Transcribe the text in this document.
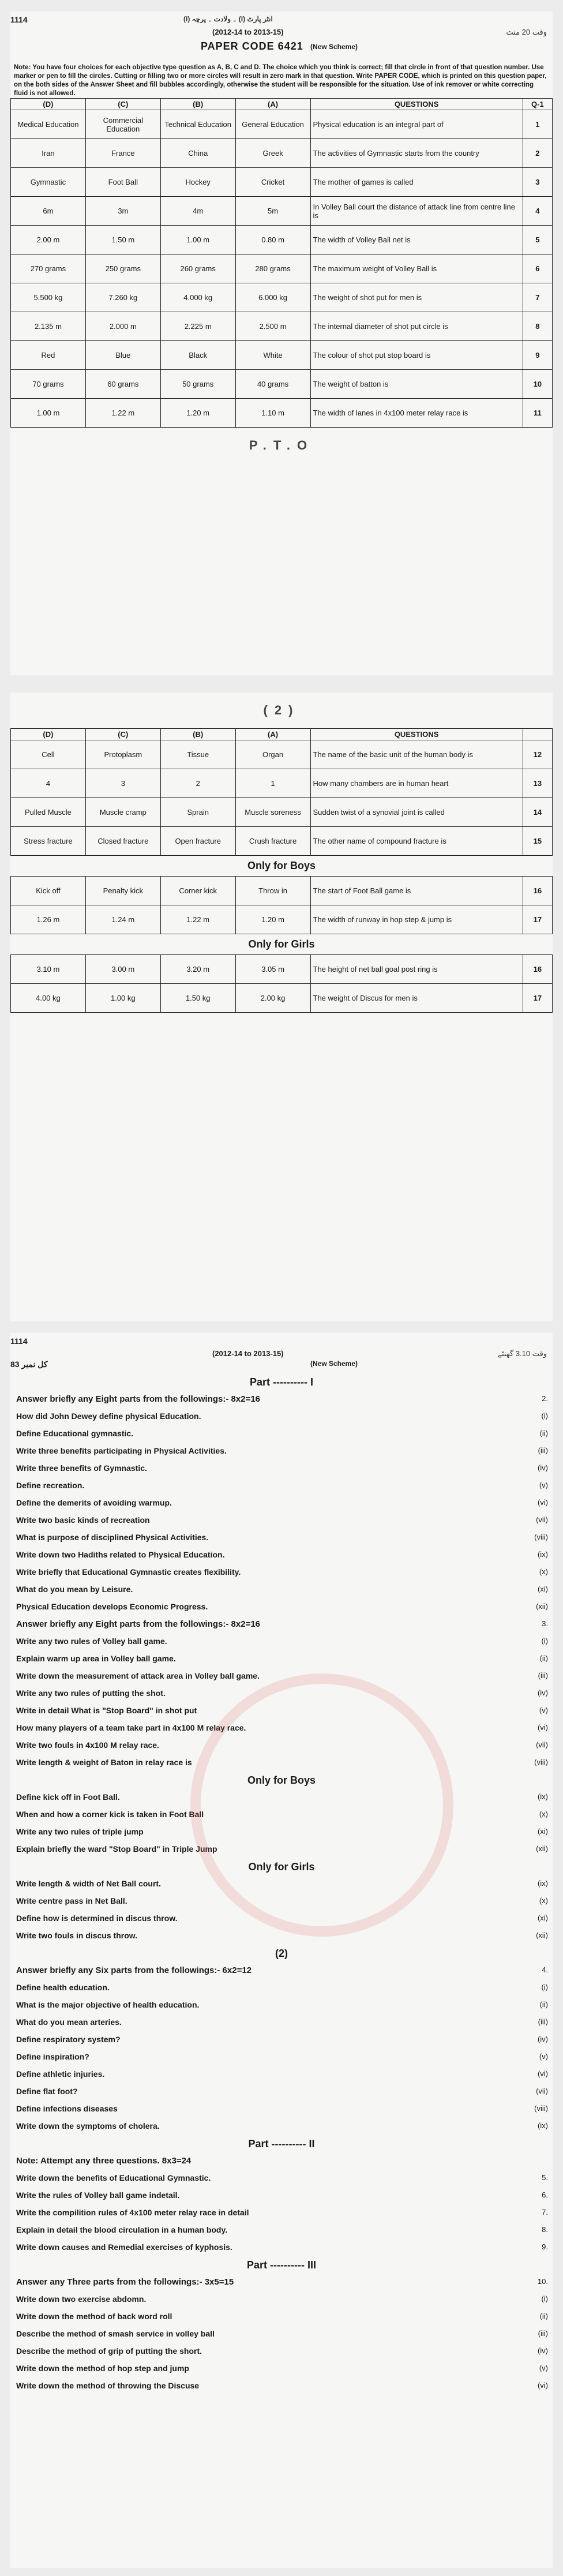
1114	انٹر پارٹ (I) ۔ ولادت ۔ پرچہ (I)
(2012-14 to 2013-15)	وقت 20 منٹ
PAPER CODE 6421 (New Scheme)
Note: You have four choices for each objective type question as A, B, C and D. The choice which you think is correct; fill that circle in front of that question number. Use marker or pen to fill the circles. Cutting or filling two or more circles will result in zero mark in that question. Write PAPER CODE, which is printed on this question paper, on the both sides of the Answer Sheet and fill bubbles accordingly, otherwise the student will be responsible for the situation. Use of ink remover or white correcting fluid is not allowed.
(D)	(C)	(B)	(A)	QUESTIONS	Q-1
Medical Education	Commercial Education	Technical Education	General Education	Physical education is an integral part of	1
Iran	France	China	Greek	The activities of Gymnastic starts from the country	2
Gymnastic	Foot Ball	Hockey	Cricket	The mother of games is called	3
6m	3m	4m	5m	In Volley Ball court the distance of attack line from centre line is	4
2.00 m	1.50 m	1.00 m	0.80 m	The width of Volley Ball net is	5
270 grams	250 grams	260 grams	280 grams	The maximum weight of Volley Ball is	6
5.500 kg	7.260 kg	4.000 kg	6.000 kg	The weight of shot put for men is	7
2.135 m	2.000 m	2.225 m	2.500 m	The internal diameter of shot put circle is	8
Red	Blue	Black	White	The colour of shot put stop board is	9
70 grams	60 grams	50 grams	40 grams	The weight of batton is	10
1.00 m	1.22 m	1.20 m	1.10 m	The width of lanes in 4x100 meter relay race is	11
P.T.O
(2)
(D)	(C)	(B)	(A)	QUESTIONS	
Cell	Protoplasm	Tissue	Organ	The name of the basic unit of the human body is	12
4	3	2	1	How many chambers are in human heart	13
Pulled Muscle	Muscle cramp	Sprain	Muscle soreness	Sudden twist of a synovial joint is called	14
Stress fracture	Closed fracture	Open fracture	Crush fracture	The other name of compound fracture is	15
Only for Boys					
Kick off	Penalty kick	Corner kick	Throw in	The start of Foot Ball game is	16
1.26 m	1.24 m	1.22 m	1.20 m	The width of runway in hop step & jump is	17
Only for Girls					
3.10 m	3.00 m	3.20 m	3.05 m	The height of net ball goal post ring is	16
4.00 kg	1.00 kg	1.50 kg	2.00 kg	The weight of Discus for men is	17
1114
(2012-14 to 2013-15)	وقت 3.10 گھنٹے
(New Scheme)
کل نمبر 83
Part ---------- I
Answer briefly any Eight parts from the followings:- 8x2=16	2.
How did John Dewey define physical Education.	(i)
Define Educational gymnastic.	(ii)
Write three benefits participating in Physical Activities.	(iii)
Write three benefits of Gymnastic.	(iv)
Define recreation.	(v)
Define the demerits of avoiding warmup.	(vi)
Write two basic kinds of recreation	(vii)
What is purpose of disciplined Physical Activities.	(viii)
Write down two Hadiths related to Physical Education.	(ix)
Write briefly that Educational Gymnastic creates flexibility.	(x)
What do you mean by Leisure.	(xi)
Physical Education develops Economic Progress.	(xii)
Answer briefly any Eight parts from the followings:- 8x2=16	3.
Write any two rules of Volley ball game.	(i)
Explain warm up area in Volley ball game.	(ii)
Write down the measurement of attack area in Volley ball game.	(iii)
Write any two rules of putting the shot.	(iv)
Write in detail What is "Stop Board" in shot put	(v)
How many players of a team take part in 4x100 M relay race.	(vi)
Write two fouls in 4x100 M relay race.	(vii)
Write length & weight of Baton in relay race is	(viii)
Only for Boys
Define kick off in Foot Ball.	(ix)
When and how a corner kick is taken in Foot Ball	(x)
Write any two rules of triple jump	(xi)
Explain briefly the ward "Stop Board" in Triple Jump	(xii)
Only for Girls
Write length & width of Net Ball court.	(ix)
Write centre pass in Net Ball.	(x)
Define how is determined in discus throw.	(xi)
Write two fouls in discus throw.	(xii)
(2)
Answer briefly any Six parts from the followings:- 6x2=12	4.
Define health education.	(i)
What is the major objective of health education.	(ii)
What do you mean arteries.	(iii)
Define respiratory system?	(iv)
Define inspiration?	(v)
Define athletic injuries.	(vi)
Define flat foot?	(vii)
Define infections diseases	(viii)
Write down the symptoms of cholera.	(ix)
Part ---------- II
Note: Attempt any three questions. 8x3=24
Write down the benefits of Educational Gymnastic.	5.
Write the rules of Volley ball game indetail.	6.
Write the compilition rules of 4x100 meter relay race in detail	7.
Explain in detail the blood circulation in a human body.	8.
Write down causes and Remedial exercises of kyphosis.	9.
Part ---------- III
Answer any Three parts from the followings:- 3x5=15	10.
Write down two exercise abdomn.	(i)
Write down the method of back word roll	(ii)
Describe the method of smash service in volley ball	(iii)
Describe the method of grip of putting the short.	(iv)
Write down the method of hop step and jump	(v)
Write down the method of throwing the Discuse	(vi)
